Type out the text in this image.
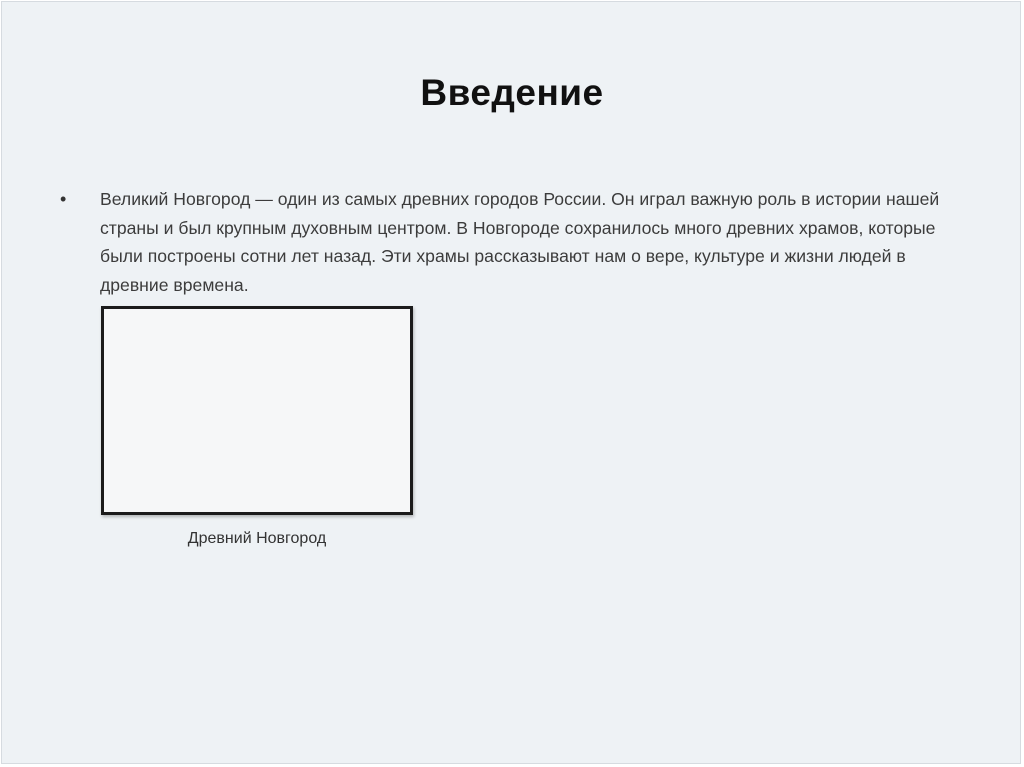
Введение
• Великий Новгород — один из самых древних городов России. Он играл важную роль в истории нашей страны и был крупным духовным центром. В Новгороде сохранилось много древних храмов, которые были построены сотни лет назад. Эти храмы рассказывают нам о вере, культуре и жизни людей в древние времена.
Древний Новгород
